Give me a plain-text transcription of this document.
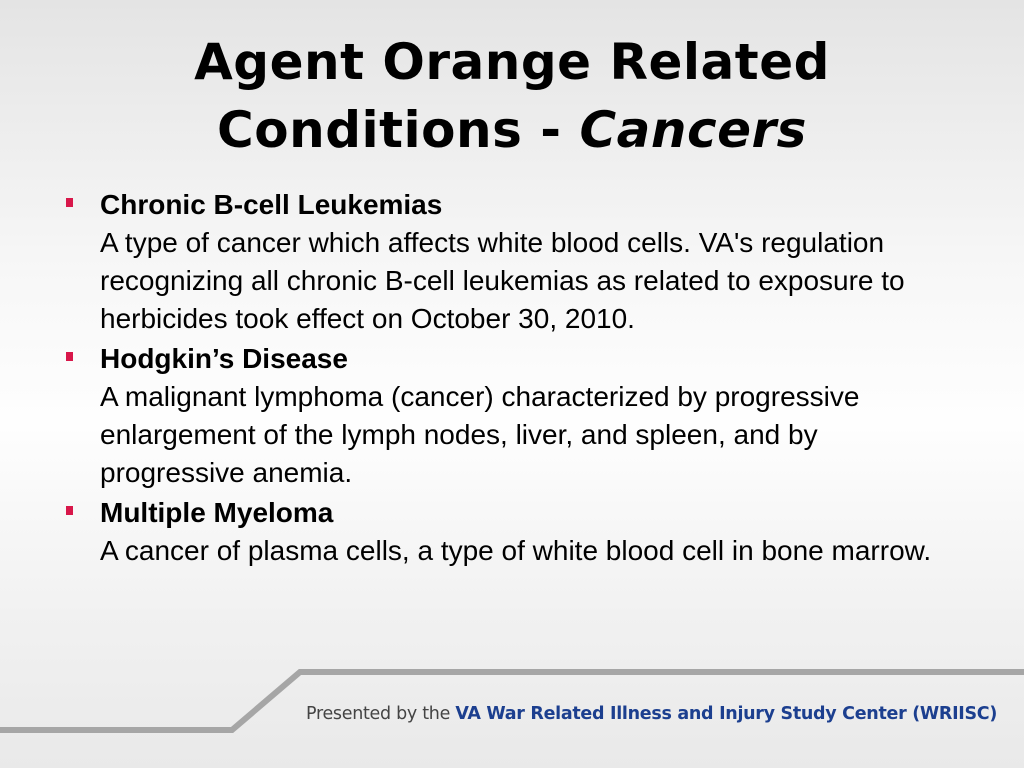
Agent Orange Related
Conditions - Cancers
Chronic B-cell Leukemias
A type of cancer which affects white blood cells. VA's regulation recognizing all chronic B-cell leukemias as related to exposure to herbicides took effect on October 30, 2010.
Hodgkin’s Disease
A malignant lymphoma (cancer) characterized by progressive enlargement of the lymph nodes, liver, and spleen, and by progressive anemia.
Multiple Myeloma
A cancer of plasma cells, a type of white blood cell in bone marrow.
Presented by the VA War Related Illness and Injury Study Center (WRIISC)
